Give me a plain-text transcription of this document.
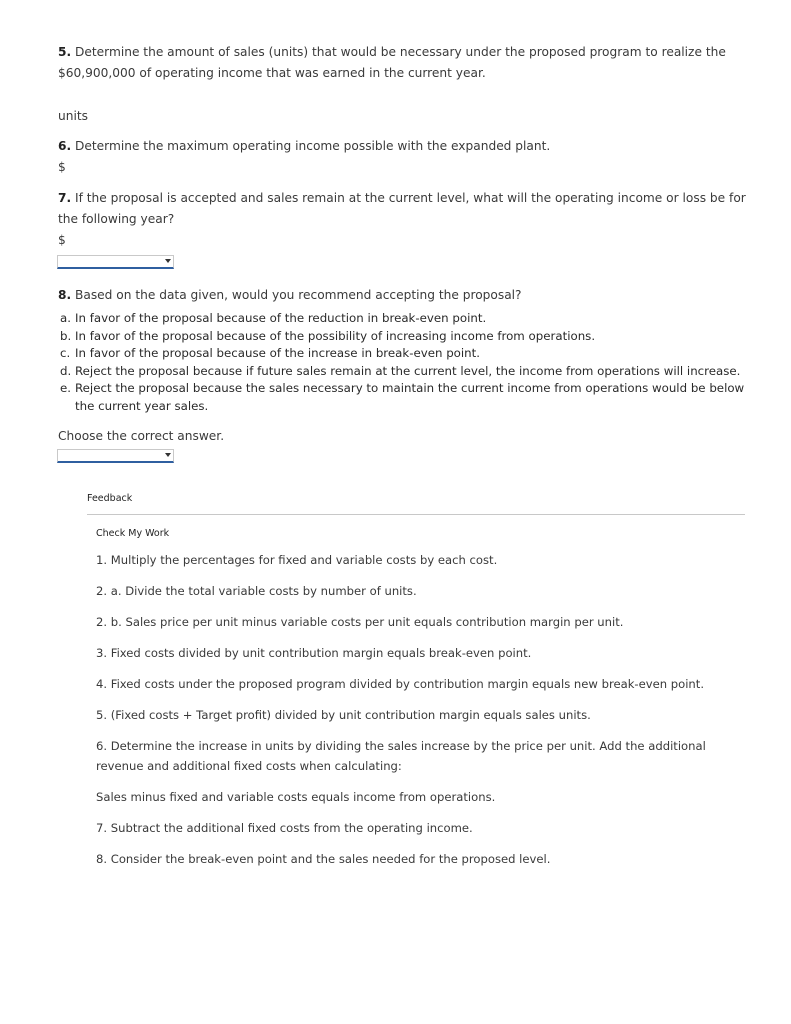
5. Determine the amount of sales (units) that would be necessary under the proposed program to realize the $60,900,000 of operating income that was earned in the current year.
units
6. Determine the maximum operating income possible with the expanded plant.
$
7. If the proposal is accepted and sales remain at the current level, what will the operating income or loss be for the following year?
$
8. Based on the data given, would you recommend accepting the proposal?
a. In favor of the proposal because of the reduction in break-even point.
b. In favor of the proposal because of the possibility of increasing income from operations.
c. In favor of the proposal because of the increase in break-even point.
d. Reject the proposal because if future sales remain at the current level, the income from operations will increase.
e. Reject the proposal because the sales necessary to maintain the current income from operations would be below the current year sales.
Choose the correct answer.
Feedback
Check My Work
1. Multiply the percentages for fixed and variable costs by each cost.
2. a. Divide the total variable costs by number of units.
2. b. Sales price per unit minus variable costs per unit equals contribution margin per unit.
3. Fixed costs divided by unit contribution margin equals break-even point.
4. Fixed costs under the proposed program divided by contribution margin equals new break-even point.
5. (Fixed costs + Target profit) divided by unit contribution margin equals sales units.
6. Determine the increase in units by dividing the sales increase by the price per unit. Add the additional revenue and additional fixed costs when calculating:
Sales minus fixed and variable costs equals income from operations.
7. Subtract the additional fixed costs from the operating income.
8. Consider the break-even point and the sales needed for the proposed level.
